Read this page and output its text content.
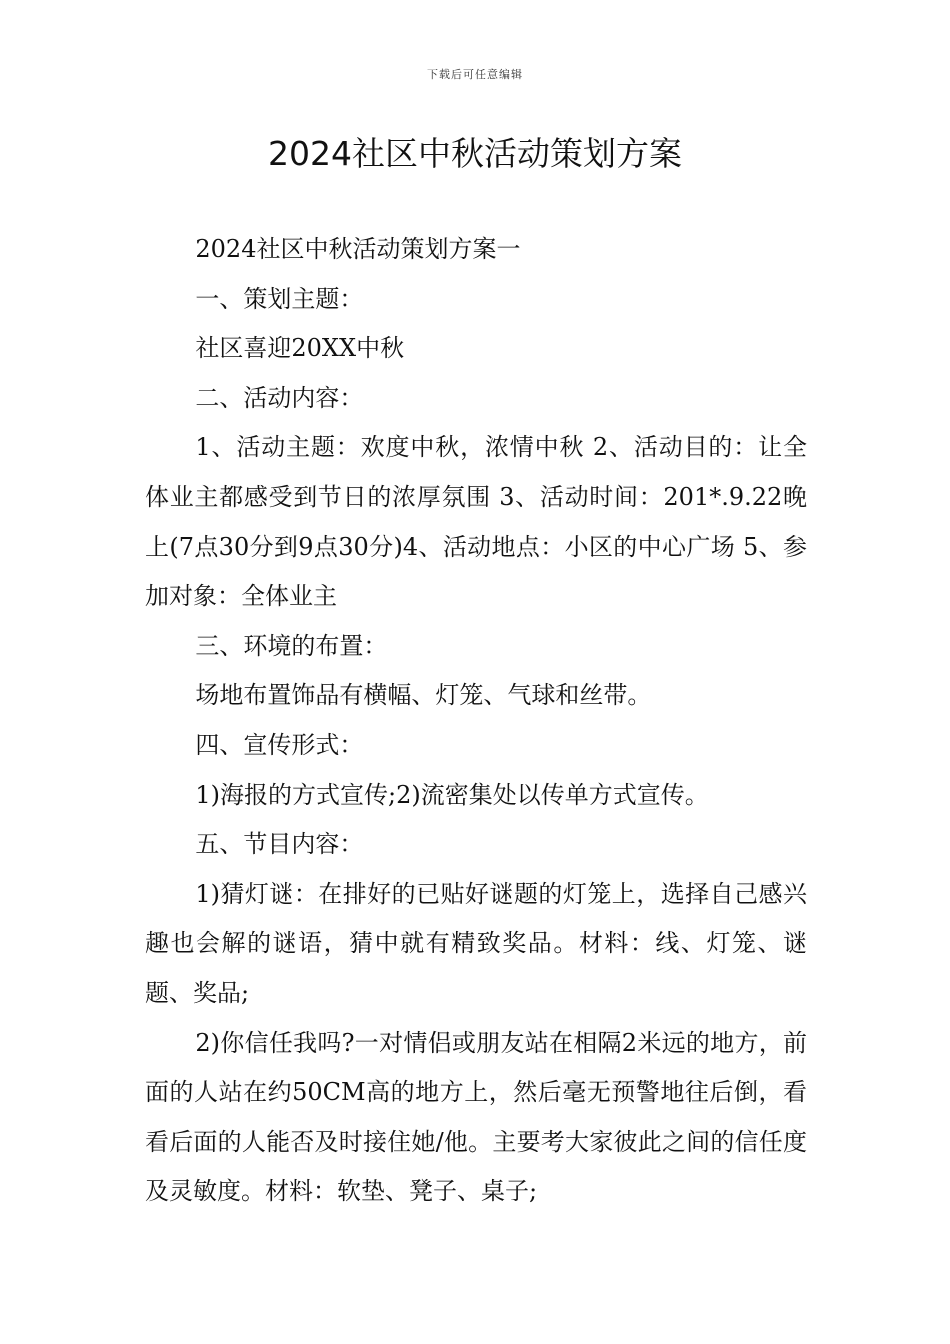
下载后可任意编辑
2024社区中秋活动策划方案

2024社区中秋活动策划方案一

一、策划主题：

社区喜迎20XX中秋

二、活动内容：

1、活动主题：欢度中秋，浓情中秋 2、活动目的：让全体业主都感受到节日的浓厚氛围 3、活动时间：201*.9.22晚上(7点30分到9点30分)4、活动地点：小区的中心广场 5、参加对象：全体业主

三、环境的布置：

场地布置饰品有横幅、灯笼、气球和丝带。

四、宣传形式：

1)海报的方式宣传;2)流密集处以传单方式宣传。

五、节目内容：

1)猜灯谜：在排好的已贴好谜题的灯笼上，选择自己感兴趣也会解的谜语，猜中就有精致奖品。材料：线、灯笼、谜题、奖品;

2)你信任我吗?一对情侣或朋友站在相隔2米远的地方，前面的人站在约50CM高的地方上，然后毫无预警地往后倒，看看后面的人能否及时接住她/他。主要考大家彼此之间的信任度及灵敏度。材料：软垫、凳子、桌子;
